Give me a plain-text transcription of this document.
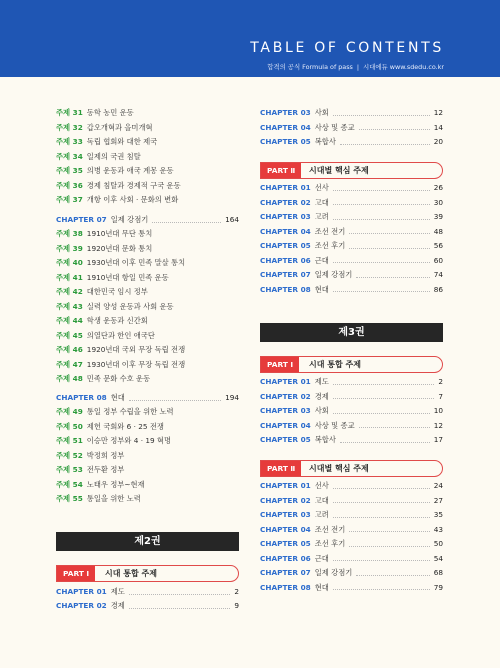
TABLE OF CONTENTS
합격의 공식 Formula of pass | 시대에듀 www.sdedu.co.kr
주제 31 동학 농민 운동
주제 32 갑오개혁과 을미개혁
주제 33 독립 협회와 대한 제국
주제 34 일제의 국권 침탈
주제 35 의병 운동과 애국 계몽 운동
주제 36 경제 침탈과 경제적 구국 운동
주제 37 개항 이후 사회 · 문화의 변화
CHAPTER 07 일제 강점기	164
주제 38 1910년대 무단 통치
주제 39 1920년대 문화 통치
주제 40 1930년대 이후 민족 말살 통치
주제 41 1910년대 항일 민족 운동
주제 42 대한민국 임시 정부
주제 43 실력 양성 운동과 사회 운동
주제 44 학생 운동과 신간회
주제 45 의열단과 한인 애국단
주제 46 1920년대 국외 무장 독립 전쟁
주제 47 1930년대 이후 무장 독립 전쟁
주제 48 민족 문화 수호 운동
CHAPTER 08 현대	194
주제 49 통일 정부 수립을 위한 노력
주제 50 제헌 국회와 6 · 25 전쟁
주제 51 이승만 정부와 4 · 19 혁명
주제 52 박정희 정부
주제 53 전두환 정부
주제 54 노태우 정부~현재
주제 55 통일을 위한 노력
제2권
PART Ⅰ	시대 통합 주제
CHAPTER 01 제도	2
CHAPTER 02 경제	9
CHAPTER 03 사회	12
CHAPTER 04 사상 및 종교	14
CHAPTER 05 복합사	20
PART Ⅱ	시대별 핵심 주제
CHAPTER 01 선사	26
CHAPTER 02 고대	30
CHAPTER 03 고려	39
CHAPTER 04 조선 전기	48
CHAPTER 05 조선 후기	56
CHAPTER 06 근대	60
CHAPTER 07 일제 강점기	74
CHAPTER 08 현대	86
제3권
PART Ⅰ	시대 통합 주제
CHAPTER 01 제도	2
CHAPTER 02 경제	7
CHAPTER 03 사회	10
CHAPTER 04 사상 및 종교	12
CHAPTER 05 복합사	17
PART Ⅱ	시대별 핵심 주제
CHAPTER 01 선사	24
CHAPTER 02 고대	27
CHAPTER 03 고려	35
CHAPTER 04 조선 전기	43
CHAPTER 05 조선 후기	50
CHAPTER 06 근대	54
CHAPTER 07 일제 강점기	68
CHAPTER 08 현대	79
